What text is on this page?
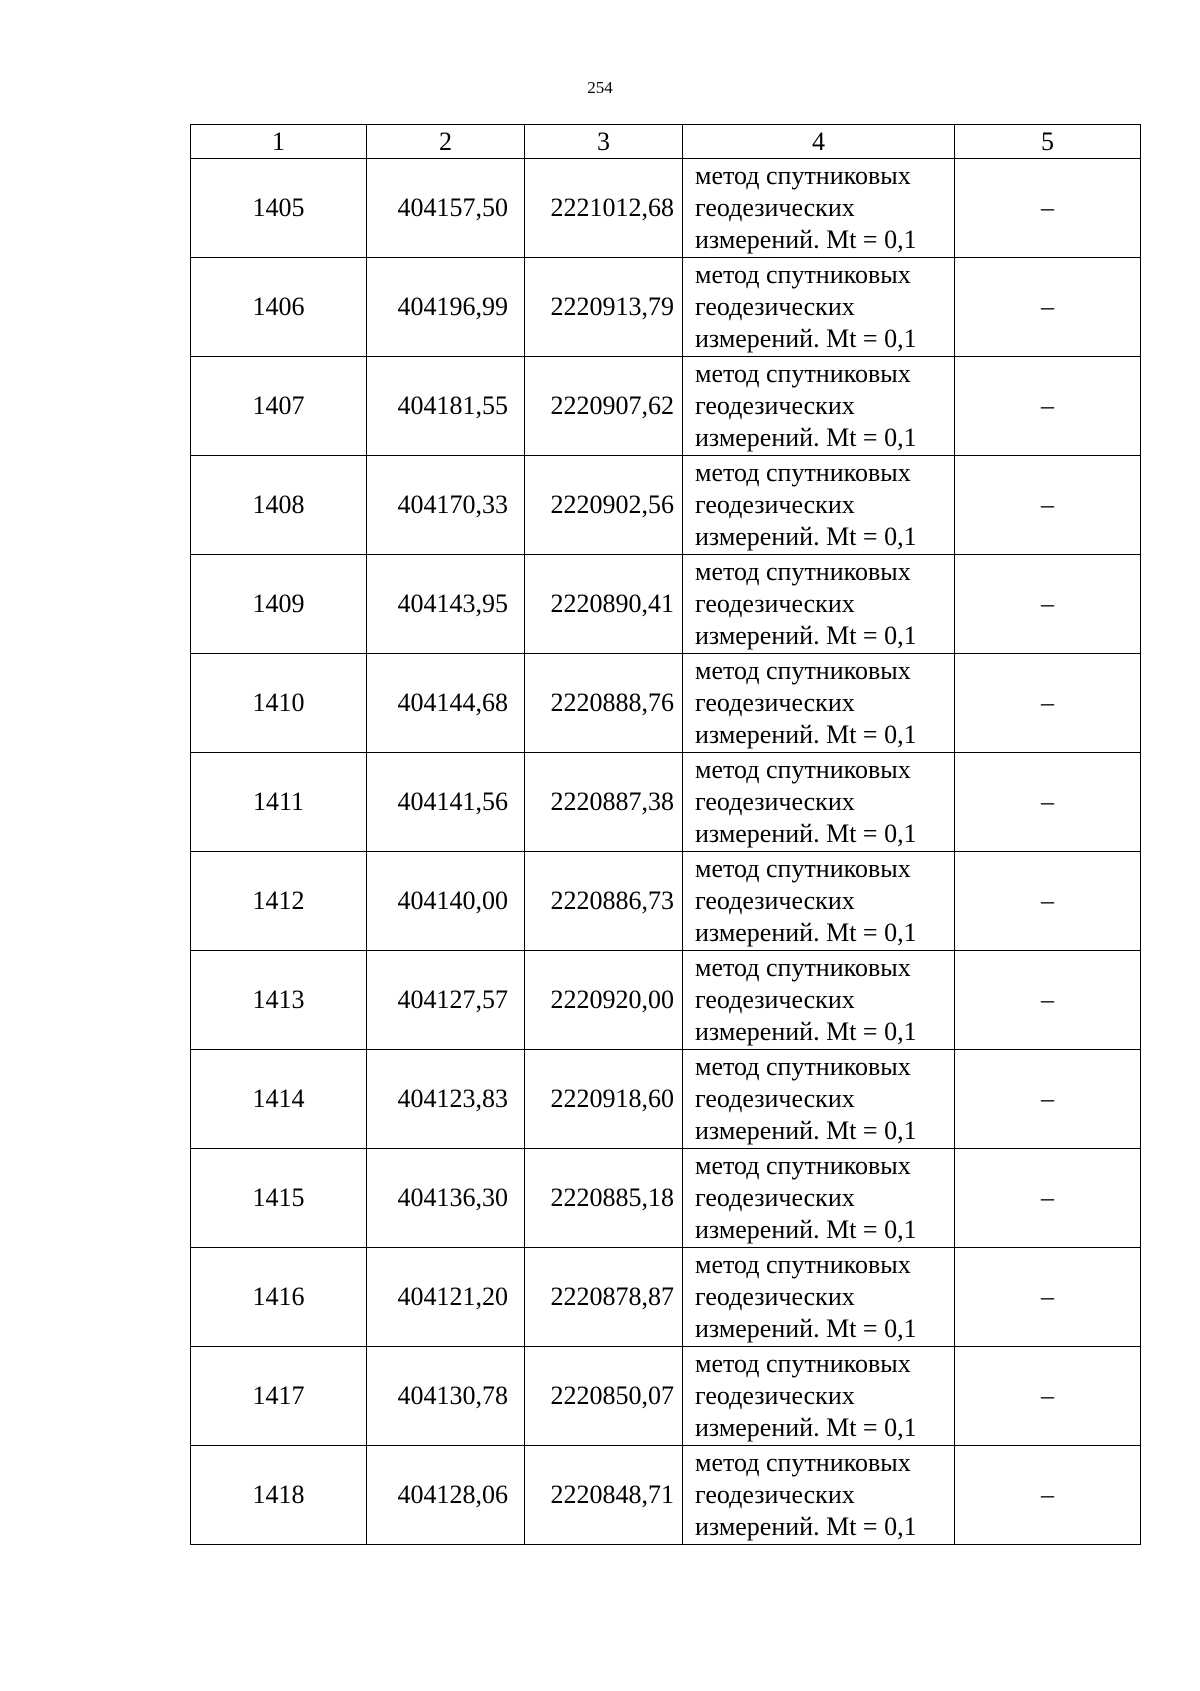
254
1	2	3	4	5
1405	404157,50	2221012,68	метод спутниковых
геодезических
измерений. Mt = 0,1	–
1406	404196,99	2220913,79	метод спутниковых
геодезических
измерений. Mt = 0,1	–
1407	404181,55	2220907,62	метод спутниковых
геодезических
измерений. Mt = 0,1	–
1408	404170,33	2220902,56	метод спутниковых
геодезических
измерений. Mt = 0,1	–
1409	404143,95	2220890,41	метод спутниковых
геодезических
измерений. Mt = 0,1	–
1410	404144,68	2220888,76	метод спутниковых
геодезических
измерений. Mt = 0,1	–
1411	404141,56	2220887,38	метод спутниковых
геодезических
измерений. Mt = 0,1	–
1412	404140,00	2220886,73	метод спутниковых
геодезических
измерений. Mt = 0,1	–
1413	404127,57	2220920,00	метод спутниковых
геодезических
измерений. Mt = 0,1	–
1414	404123,83	2220918,60	метод спутниковых
геодезических
измерений. Mt = 0,1	–
1415	404136,30	2220885,18	метод спутниковых
геодезических
измерений. Mt = 0,1	–
1416	404121,20	2220878,87	метод спутниковых
геодезических
измерений. Mt = 0,1	–
1417	404130,78	2220850,07	метод спутниковых
геодезических
измерений. Mt = 0,1	–
1418	404128,06	2220848,71	метод спутниковых
геодезических
измерений. Mt = 0,1	–
